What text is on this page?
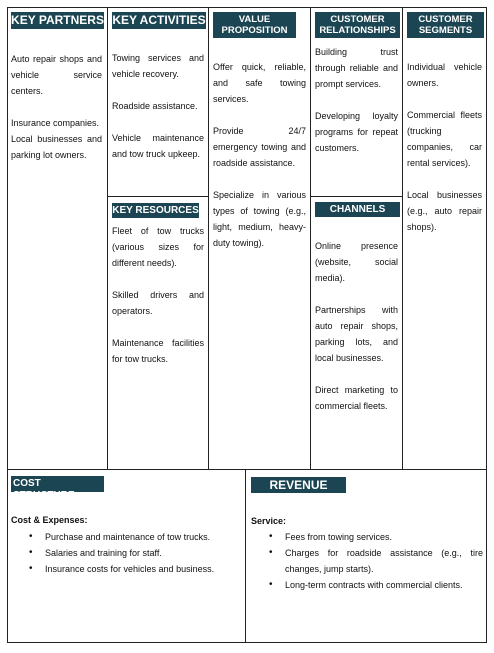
KEY PARTNERS

Auto repair shops and vehicle service centers.

Insurance companies.

Local businesses and parking lot owners.

KEY ACTIVITIES

Towing services and vehicle recovery.

Roadside assistance.

Vehicle maintenance and tow truck upkeep.

KEY RESOURCES

Fleet of tow trucks (various sizes for different needs).

Skilled drivers and operators.

Maintenance facilities for tow trucks.

VALUE
PROPOSITION

Offer quick, reliable, and safe towing services.

Provide 24/7 emergency towing and roadside assistance.

Specialize in various types of towing (e.g., light, medium, heavy-duty towing).

CUSTOMER
RELATIONSHIPS

Building trust through reliable and prompt services.

Developing loyalty programs for repeat customers.

CHANNELS

Online presence (website, social media).

Partnerships with auto repair shops, parking lots, and local businesses.

Direct marketing to commercial fleets.

CUSTOMER
SEGMENTS

Individual vehicle owners.

Commercial fleets (trucking companies, car rental services).

Local businesses (e.g., auto repair shops).

COST STRUCTURE
Cost & Expenses:
• Purchase and maintenance of tow trucks.
• Salaries and training for staff.
• Insurance costs for vehicles and business.
REVENUE
Service:
• Fees from towing services.
• Charges for roadside assistance (e.g., tire changes, jump starts).
• Long-term contracts with commercial clients.
